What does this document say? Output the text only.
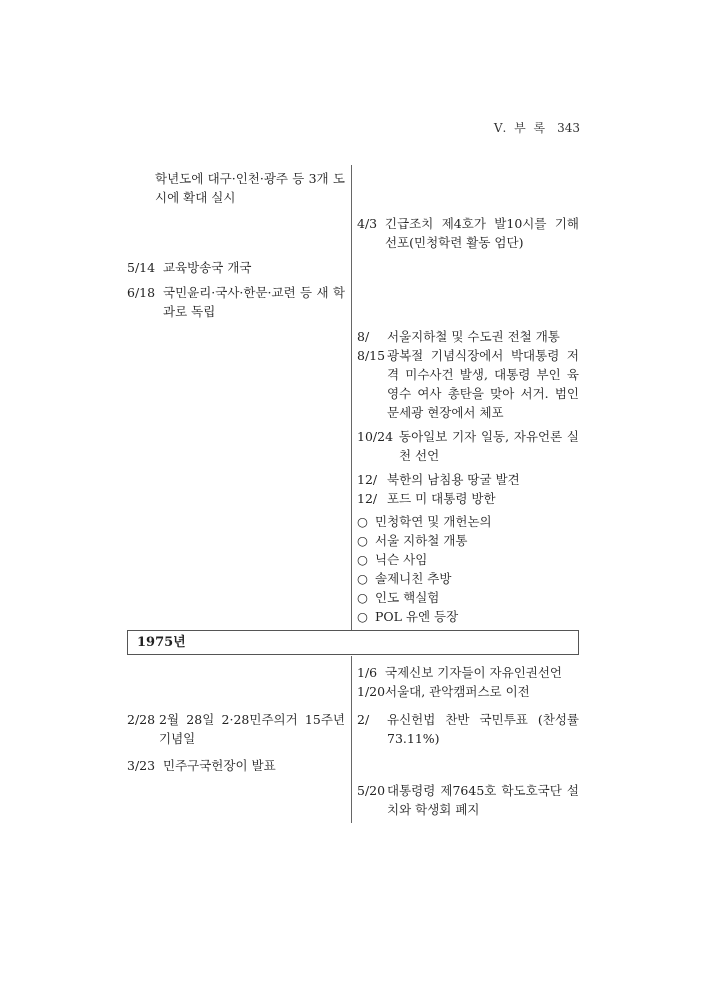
V. 부 록 343
학년도에 대구·인천·광주 등 3개 도시에 확대 실시
5/14 교육방송국 개국
6/18 국민윤리·국사·한문·교련 등 새 학과로 독립
4/3 긴급조치 제4호가 발10시를 기해 선포(민청학련 활동 엄단)
8/	서울지하철 및 수도권 전철 개통
8/15 광복절 기념식장에서 박대통령 저격 미수사건 발생, 대통령 부인 육영수 여사 총탄을 맞아 서거. 범인 문세광 현장에서 체포
10/24 동아일보 기자 일동, 자유언론 실천 선언
12/ 북한의 남침용 땅굴 발견
12/ 포드 미 대통령 방한
○ 민청학연 및 개헌논의
○ 서울 지하철 개통
○ 닉슨 사임
○ 솔제니친 추방
○ 인도 핵실험
○ POL 유엔 등장
1975년
1/6 국제신보 기자들이 자유인권선언
1/20 서울대, 관악캠퍼스로 이전
2/	유신헌법 찬반 국민투표 (찬성률 73.11%)
5/20 대통령령 제7645호 학도호국단 설치와 학생회 폐지
2/28 2월 28일 2·28민주의거 15주년기념일
3/23 민주구국헌장이 발표
